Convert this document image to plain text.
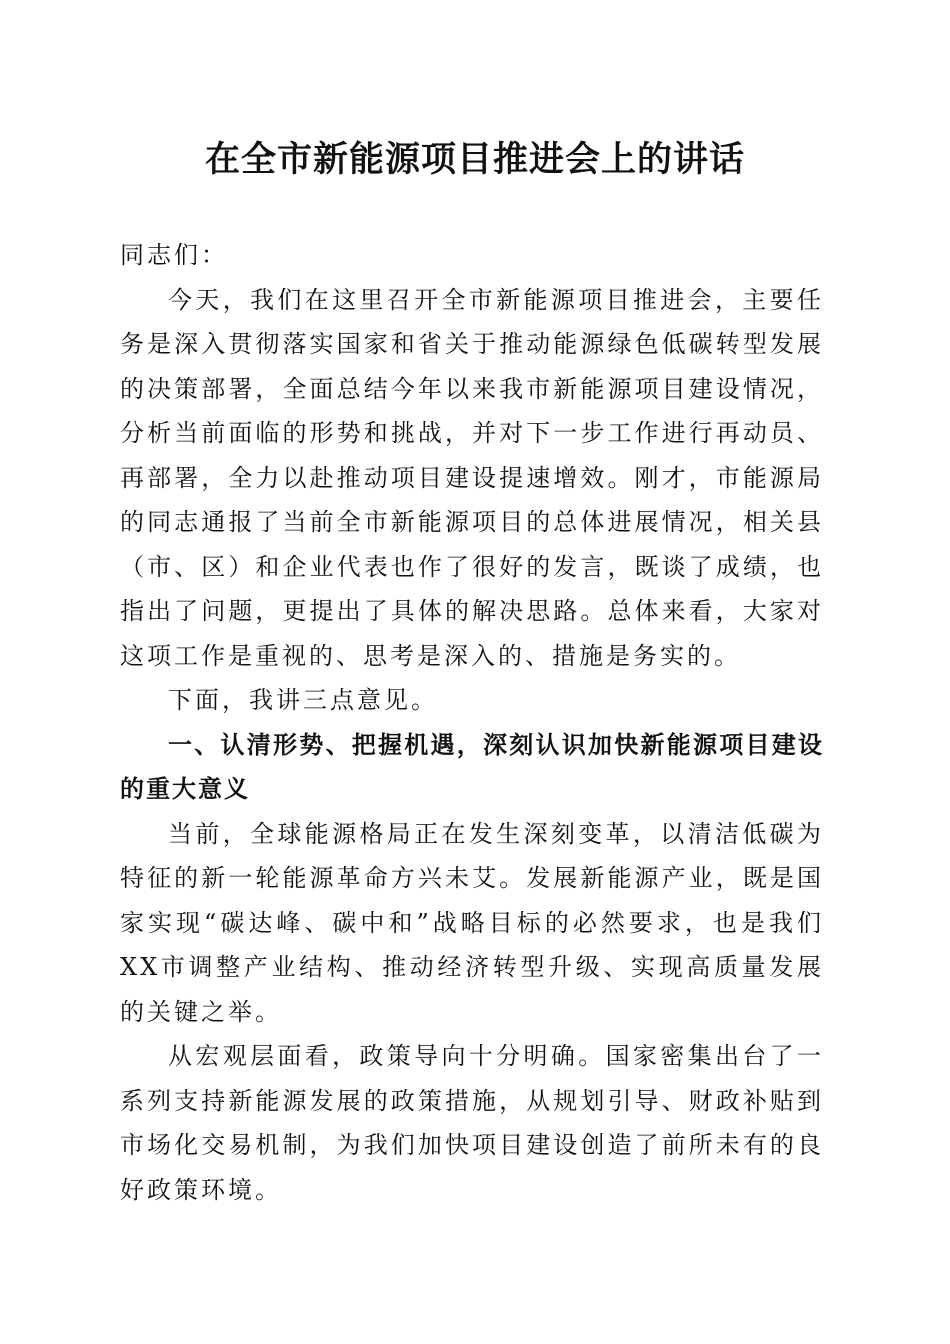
在全市新能源项目推进会上的讲话

同志们：

今天，我们在这里召开全市新能源项目推进会，主要任务是深入贯彻落实国家和省关于推动能源绿色低碳转型发展的决策部署，全面总结今年以来我市新能源项目建设情况，分析当前面临的形势和挑战，并对下一步工作进行再动员、再部署，全力以赴推动项目建设提速增效。刚才，市能源局的同志通报了当前全市新能源项目的总体进展情况，相关县（市、区）和企业代表也作了很好的发言，既谈了成绩，也指出了问题，更提出了具体的解决思路。总体来看，大家对这项工作是重视的、思考是深入的、措施是务实的。

下面，我讲三点意见。

一、认清形势、把握机遇，深刻认识加快新能源项目建设的重大意义

当前，全球能源格局正在发生深刻变革，以清洁低碳为特征的新一轮能源革命方兴未艾。发展新能源产业，既是国家实现“碳达峰、碳中和”战略目标的必然要求，也是我们XX市调整产业结构、推动经济转型升级、实现高质量发展的关键之举。

从宏观层面看，政策导向十分明确。国家密集出台了一系列支持新能源发展的政策措施，从规划引导、财政补贴到市场化交易机制，为我们加快项目建设创造了前所未有的良好政策环境。
